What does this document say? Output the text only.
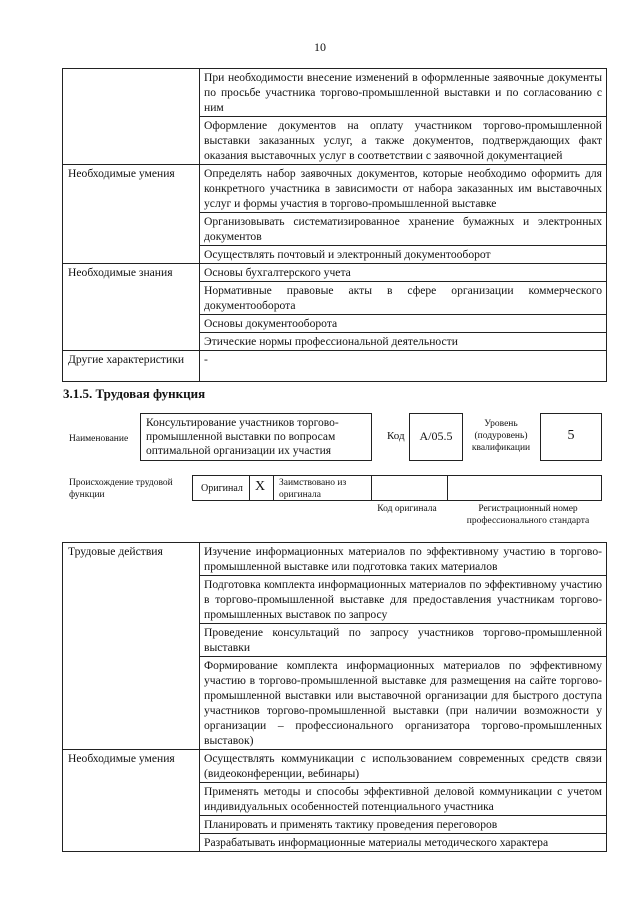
10
	При необходимости внесение изменений в оформленные заявочные документы по просьбе участника торгово-промышленной выставки и по согласованию с ним
	Оформление документов на оплату участником торгово-промышленной выставки заказанных услуг, а также документов, подтверждающих факт оказания выставочных услуг в соответствии с заявочной документацией
Необходимые умения	Определять набор заявочных документов, которые необходимо оформить для конкретного участника в зависимости от набора заказанных им выставочных услуг и формы участия в торгово-промышленной выставке
	Организовывать систематизированное хранение бумажных и электронных документов
	Осуществлять почтовый и электронный документооборот
Необходимые знания	Основы бухгалтерского учета
	Нормативные правовые акты в сфере организации коммерческого документооборота
	Основы документооборота
	Этические нормы профессиональной деятельности
Другие характеристики	-
3.1.5. Трудовая функция
Наименование
Консультирование участников торгово-промышленной выставки по вопросам оптимальной организации их участия
Код	A/05.5
Уровень (подуровень) квалификации
5
Происхождение трудовой функции
Оригинал X Заимствовано из оригинала
Код оригинала	Регистрационный номер профессионального стандарта
Трудовые действия	Изучение информационных материалов по эффективному участию в торгово-промышленной выставке или подготовка таких материалов
	Подготовка комплекта информационных материалов по эффективному участию в торгово-промышленной выставке для предоставления участникам торгово-промышленных выставок по запросу
	Проведение консультаций по запросу участников торгово-промышленной выставки
	Формирование комплекта информационных материалов по эффективному участию в торгово-промышленной выставке для размещения на сайте торгово-промышленной выставки или выставочной организации для быстрого доступа участников торгово-промышленной выставки (при наличии возможности у организации – профессионального организатора торгово-промышленных выставок)
Необходимые умения	Осуществлять коммуникации с использованием современных средств связи (видеоконференции, вебинары)
	Применять методы и способы эффективной деловой коммуникации с учетом индивидуальных особенностей потенциального участника
	Планировать и применять тактику проведения переговоров
	Разрабатывать информационные материалы методического характера
